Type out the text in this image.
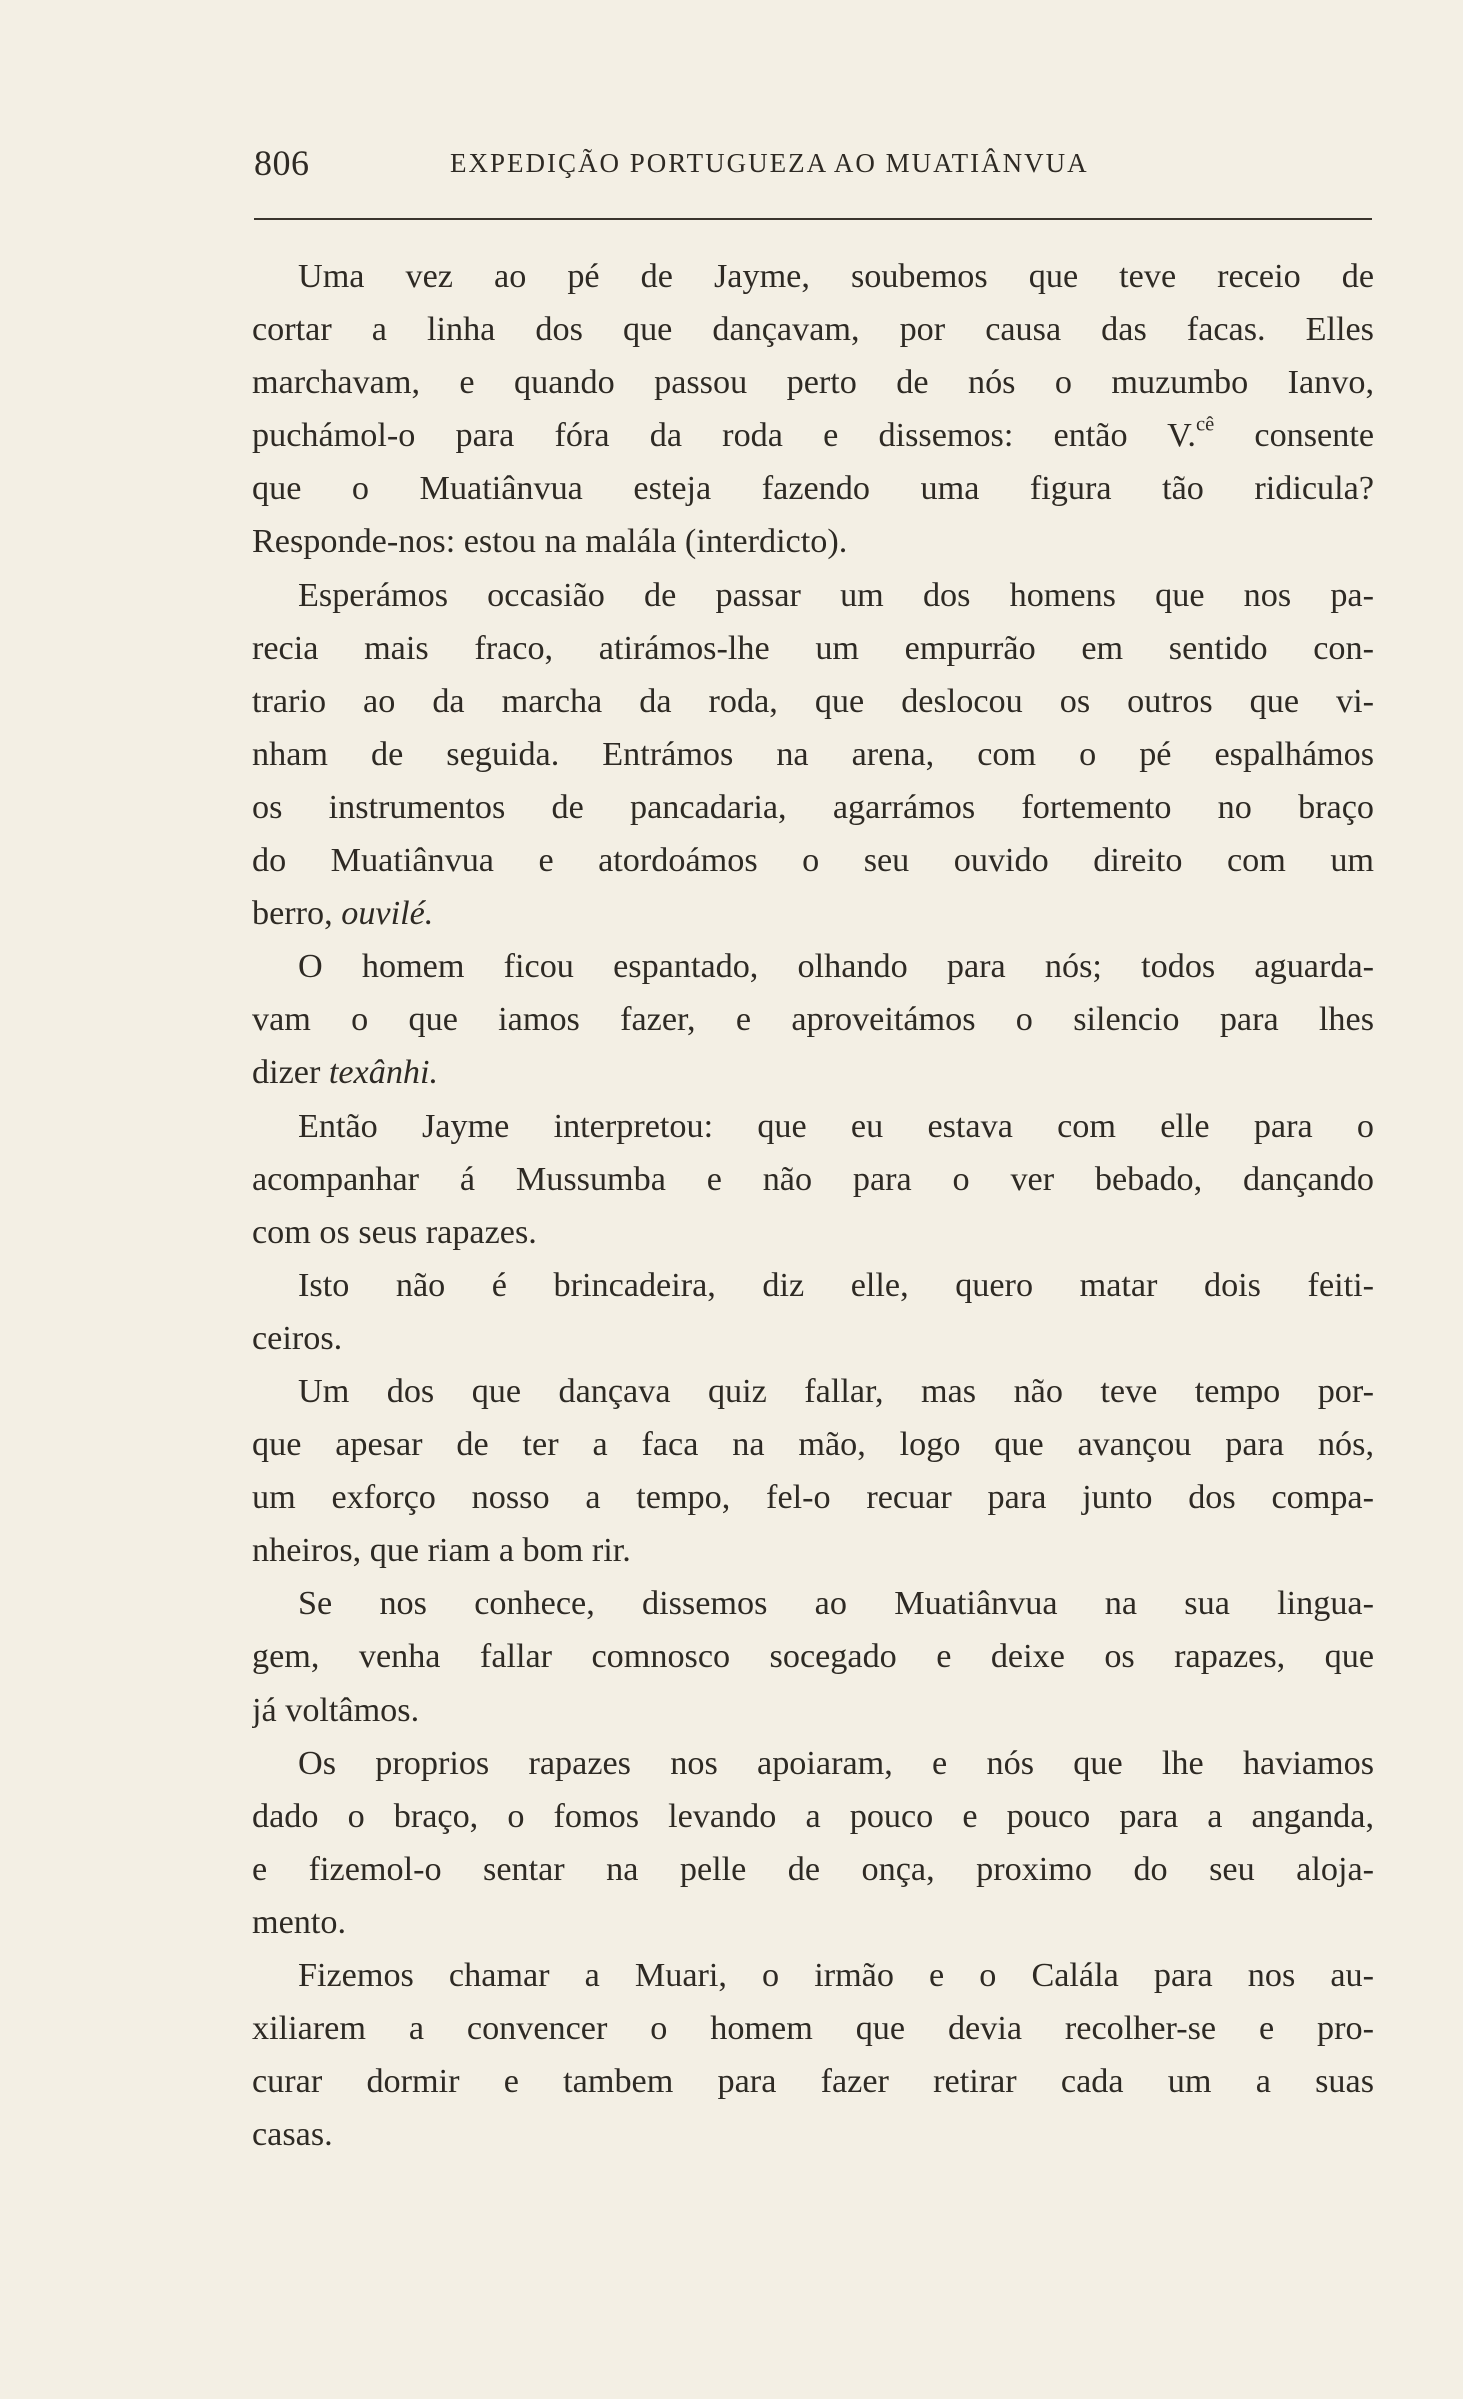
806	EXPEDIÇÃO PORTUGUEZA AO MUATIÂNVUA
Uma vez ao pé de Jayme, soubemos que teve receio de
cortar a linha dos que dançavam, por causa das facas. Elles
marchavam, e quando passou perto de nós o muzumbo Ianvo,
puchámol-o para fóra da roda e dissemos: então V.$^{cê}$ consente
que o Muatiânvua esteja fazendo uma figura tão ridicula?
Responde-nos: estou na malála (interdicto).
Esperámos occasião de passar um dos homens que nos pa-
recia mais fraco, atirámos-lhe um empurrão em sentido con-
trario ao da marcha da roda, que deslocou os outros que vi-
nham de seguida. Entrámos na arena, com o pé espalhámos
os instrumentos de pancadaria, agarrámos fortemento no braço
do Muatiânvua e atordoámos o seu ouvido direito com um
berro, ouvilé.
O homem ficou espantado, olhando para nós; todos aguarda-
vam o que iamos fazer, e aproveitámos o silencio para lhes
dizer texânhi.
Então Jayme interpretou: que eu estava com elle para o
acompanhar á Mussumba e não para o ver bebado, dançando
com os seus rapazes.
Isto não é brincadeira, diz elle, quero matar dois feiti-
ceiros.
Um dos que dançava quiz fallar, mas não teve tempo por-
que apesar de ter a faca na mão, logo que avançou para nós,
um exforço nosso a tempo, fel-o recuar para junto dos compa-
nheiros, que riam a bom rir.
Se nos conhece, dissemos ao Muatiânvua na sua lingua-
gem, venha fallar comnosco socegado e deixe os rapazes, que
já voltâmos.
Os proprios rapazes nos apoiaram, e nós que lhe haviamos
dado o braço, o fomos levando a pouco e pouco para a anganda,
e fizemol-o sentar na pelle de onça, proximo do seu aloja-
mento.
Fizemos chamar a Muari, o irmão e o Calála para nos au-
xiliarem a convencer o homem que devia recolher-se e pro-
curar dormir e tambem para fazer retirar cada um a suas
casas.
